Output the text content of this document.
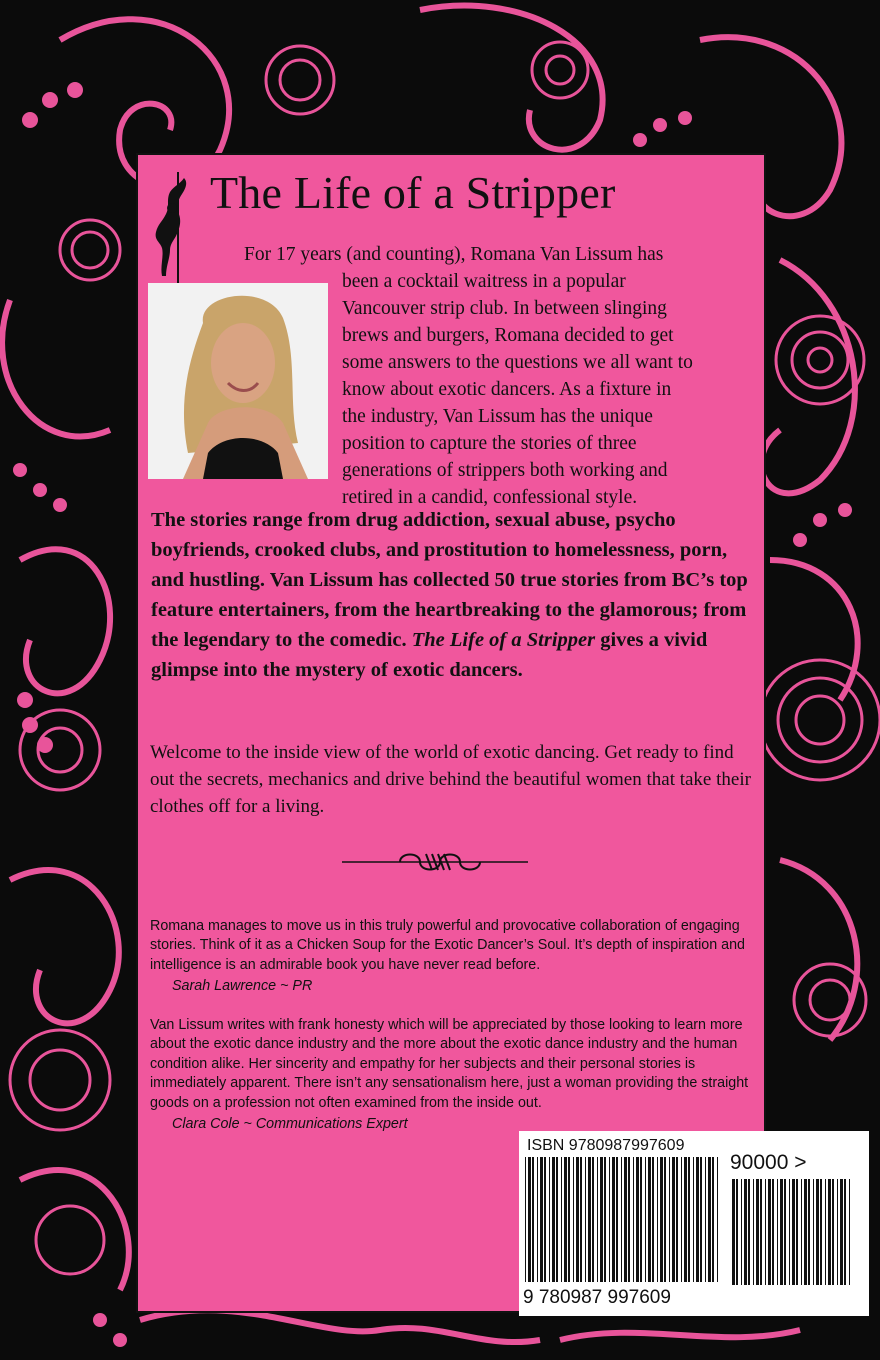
The Life of a Stripper
For 17 years (and counting), Romana Van Lissum has
been a cocktail waitress in a popular
Vancouver strip club. In between slinging
brews and burgers, Romana decided to get
some answers to the questions we all want to
know about exotic dancers. As a fixture in
the industry, Van Lissum has the unique
position to capture the stories of three
generations of strippers both working and
retired in a candid, confessional style.
The stories range from drug addiction, sexual abuse, psycho boyfriends, crooked clubs, and prostitution to homelessness, porn, and hustling. Van Lissum has collected 50 true stories from BC’s top feature entertainers, from the heartbreaking to the glamorous; from the legendary to the comedic. The Life of a Stripper gives a vivid glimpse into the mystery of exotic dancers.
Welcome to the inside view of the world of exotic dancing. Get ready to find out the secrets, mechanics and drive behind the beautiful women that take their clothes off for a living.
Romana manages to move us in this truly powerful and provocative collaboration of engaging stories. Think of it as a Chicken Soup for the Exotic Dancer’s Soul. It’s depth of inspiration and intelligence is an admirable book you have never read before.
Sarah Lawrence ~ PR
Van Lissum writes with frank honesty which will be appreciated by those looking to learn more about the exotic dance industry and the more about the exotic dance industry and the human condition alike. Her sincerity and empathy for her subjects and their personal stories is immediately apparent. There isn’t any sensationalism here, just a woman providing the straight goods on a profession not often examined from the inside out.
Clara Cole ~ Communications Expert
ISBN 9780987997609
90000 >
9 780987 997609
